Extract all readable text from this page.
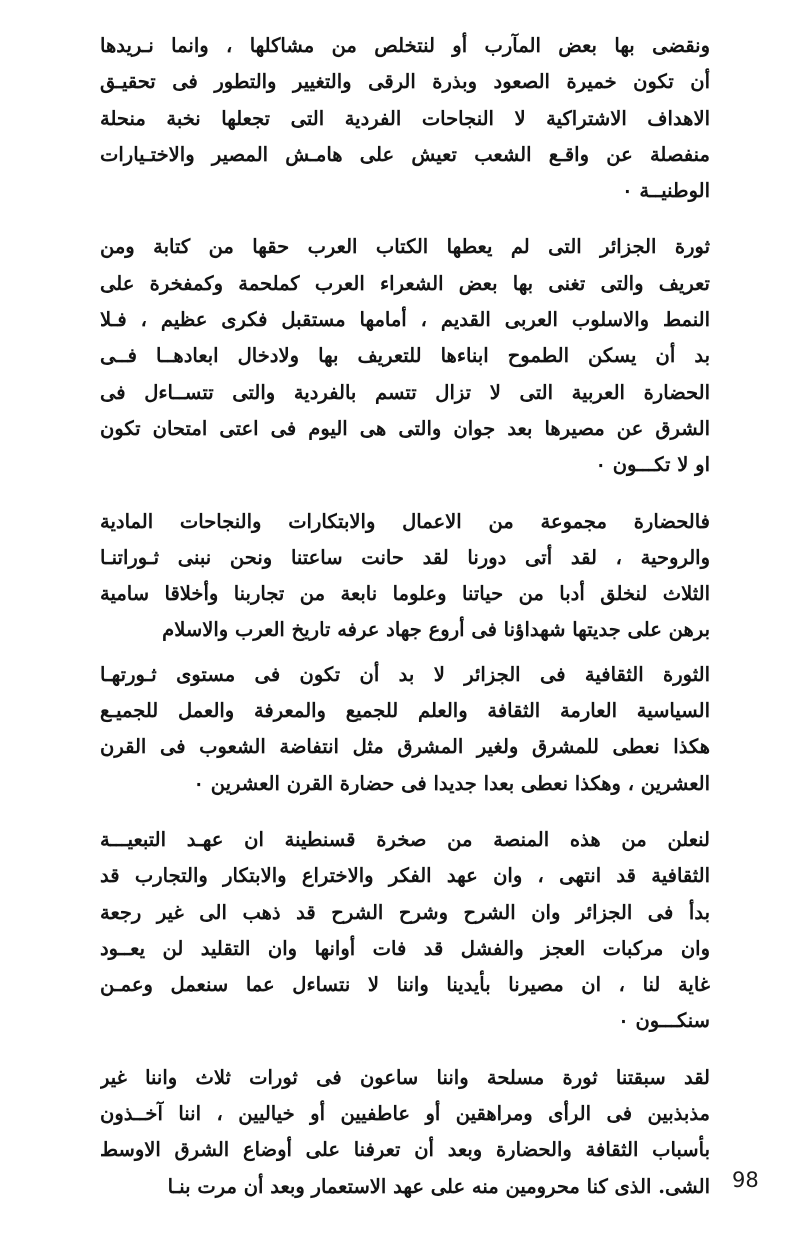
ونقضى بها بعض المآرب أو لنتخلص من مشاكلها ، وانما نـريدها
أن تكون خميرة الصعود وبذرة الرقى والتغيير والتطور فى تحقيـق
الاهداف الاشتراكية لا النجاحات الفردية التى تجعلها نخبة منحلة
منفصلة عن واقـع الشعب تعيش على هامـش المصير والاختـيارات
الوطنيــة ٠
ثورة الجزائر التى لم يعطها الكتاب العرب حقها من كتابة ومن
تعريف والتى تغنى بها بعض الشعراء العرب كملحمة وكمفخرة على
النمط والاسلوب العربى القديم ، أمامها مستقبل فكرى عظيم ، فـلا
بد أن يسكن الطموح ابناءها للتعريف بها ولادخال ابعادهــا فــى
الحضارة العربية التى لا تزال تتسم بالفردية والتى تتســاءل فى
الشرق عن مصيرها بعد جوان والتى هى اليوم فى اعتى امتحان تكون
او لا تكـــون ٠
فالحضارة مجموعة من الاعمال والابتكارات والنجاحات المادية
والروحية ، لقد أتى دورنا لقد حانت ساعتنا ونحن نبنى ثـوراتنـا
الثلاث لنخلق أدبا من حياتنا وعلوما نابعة من تجاربنا وأخلاقا سامية
برهن على جديتها شهداؤنا فى أروع جهاد عرفه تاريخ العرب والاسلام
الثورة الثقافية فى الجزائر لا بد أن تكون فى مستوى ثـورتهـا
السياسية العارمة الثقافة والعلم للجميع والمعرفة والعمل للجميـع
هكذا نعطى للمشرق ولغير المشرق مثل انتفاضة الشعوب فى القرن
العشرين ، وهكذا نعطى بعدا جديدا فى حضارة القرن العشرين ٠
لنعلن من هذه المنصة من صخرة قسنطينة ان عهـد التبعيـــة
الثقافية قد انتهى ، وان عهد الفكر والاختراع والابتكار والتجارب قد
بدأ فى الجزائر وان الشرح وشرح الشرح قد ذهب الى غير رجعة
وان مركبات العجز والفشل قد فات أوانها وان التقليد لن يعــود
غاية لنا ، ان مصيرنا بأيدينا واننا لا نتساءل عما سنعمل وعمـن
سنكـــون ٠
لقد سبقتنا ثورة مسلحة واننا ساعون فى ثورات ثلاث واننا غير
مذبذبين فى الرأى ومراهقين أو عاطفيين أو خياليين ، اننا آخــذون
بأسباب الثقافة والحضارة وبعد أن تعرفنا على أوضاع الشرق الاوسط
الشى. الذى كنا محرومين منه على عهد الاستعمار وبعد أن مرت بنـا 98
